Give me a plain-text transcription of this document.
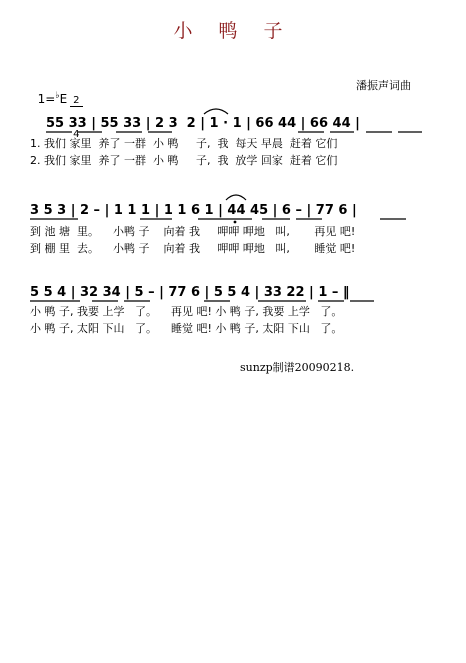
小 鸭 子

1=♭E

$\frac{2}{4}$

	潘振声词曲
55 33 | 55 33 | 2 3  2 | 1 · 1 | 66 44 | 66 44 |
1. 我们 家里  养了 一群  小 鸭     子,  我  每天 早晨  赶着 它们
2. 我们 家里  养了 一群  小 鸭     子,  我  放学 回家  赶着 它们
3 5 3 | 2 – | 1 1 1 | 1 1 6 1 | 44 45 | 6 – | 77 6 |
到 池 塘  里。    小鸭 子    向着 我     呷呷 呷地   叫,       再见 吧!
到 棚 里  去。    小鸭 子    向着 我     呷呷 呷地   叫,       睡觉 吧!
5 5 4 | 32 34 | 5 – | 77 6 | 5 5 4 | 33 22 | 1 – ‖
小 鸭 子, 我要 上学   了。    再见 吧! 小 鸭 子, 我要 上学   了。
小 鸭 子, 太阳 下山   了。    睡觉 吧! 小 鸭 子, 太阳 下山   了。
sunzp制谱20090218.
